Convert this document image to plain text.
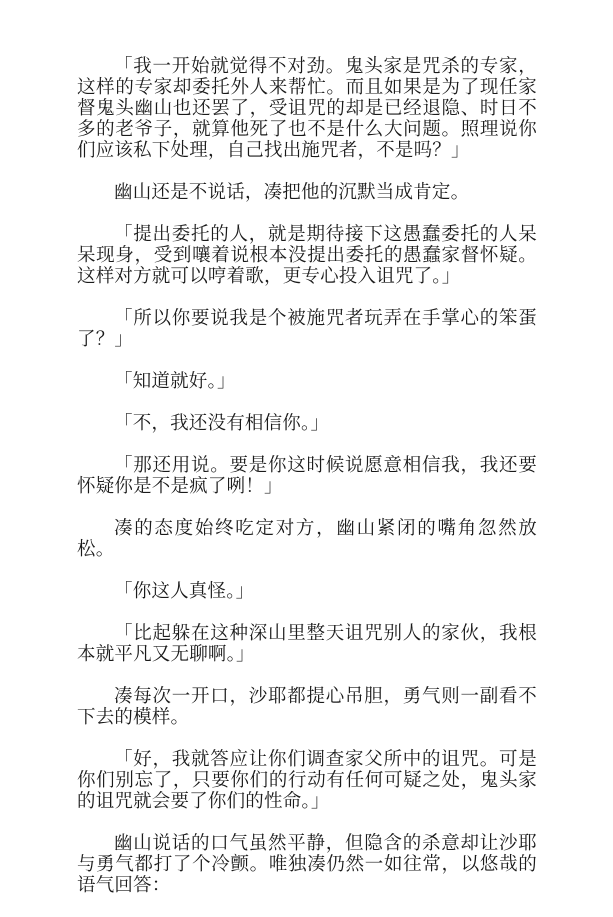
「我一开始就觉得不对劲。鬼头家是咒杀的专家，这样的专家却委托外人来帮忙。而且如果是为了现任家督鬼头幽山也还罢了，受诅咒的却是已经退隐、时日不多的老爷子，就算他死了也不是什么大问题。照理说你们应该私下处理，自己找出施咒者，不是吗？」

幽山还是不说话，凑把他的沉默当成肯定。

「提出委托的人，就是期待接下这愚蠢委托的人呆呆现身，受到嚷着说根本没提出委托的愚蠢家督怀疑。这样对方就可以哼着歌，更专心投入诅咒了。」

「所以你要说我是个被施咒者玩弄在手掌心的笨蛋了？」

「知道就好。」

「不，我还没有相信你。」

「那还用说。要是你这时候说愿意相信我，我还要怀疑你是不是疯了咧！」

凑的态度始终吃定对方，幽山紧闭的嘴角忽然放松。

「你这人真怪。」

「比起躲在这种深山里整天诅咒别人的家伙，我根本就平凡又无聊啊。」

凑每次一开口，沙耶都提心吊胆，勇气则一副看不下去的模样。

「好，我就答应让你们调查家父所中的诅咒。可是你们别忘了，只要你们的行动有任何可疑之处，鬼头家的诅咒就会要了你们的性命。」

幽山说话的口气虽然平静，但隐含的杀意却让沙耶与勇气都打了个冷颤。唯独凑仍然一如往常，以悠哉的语气回答：
